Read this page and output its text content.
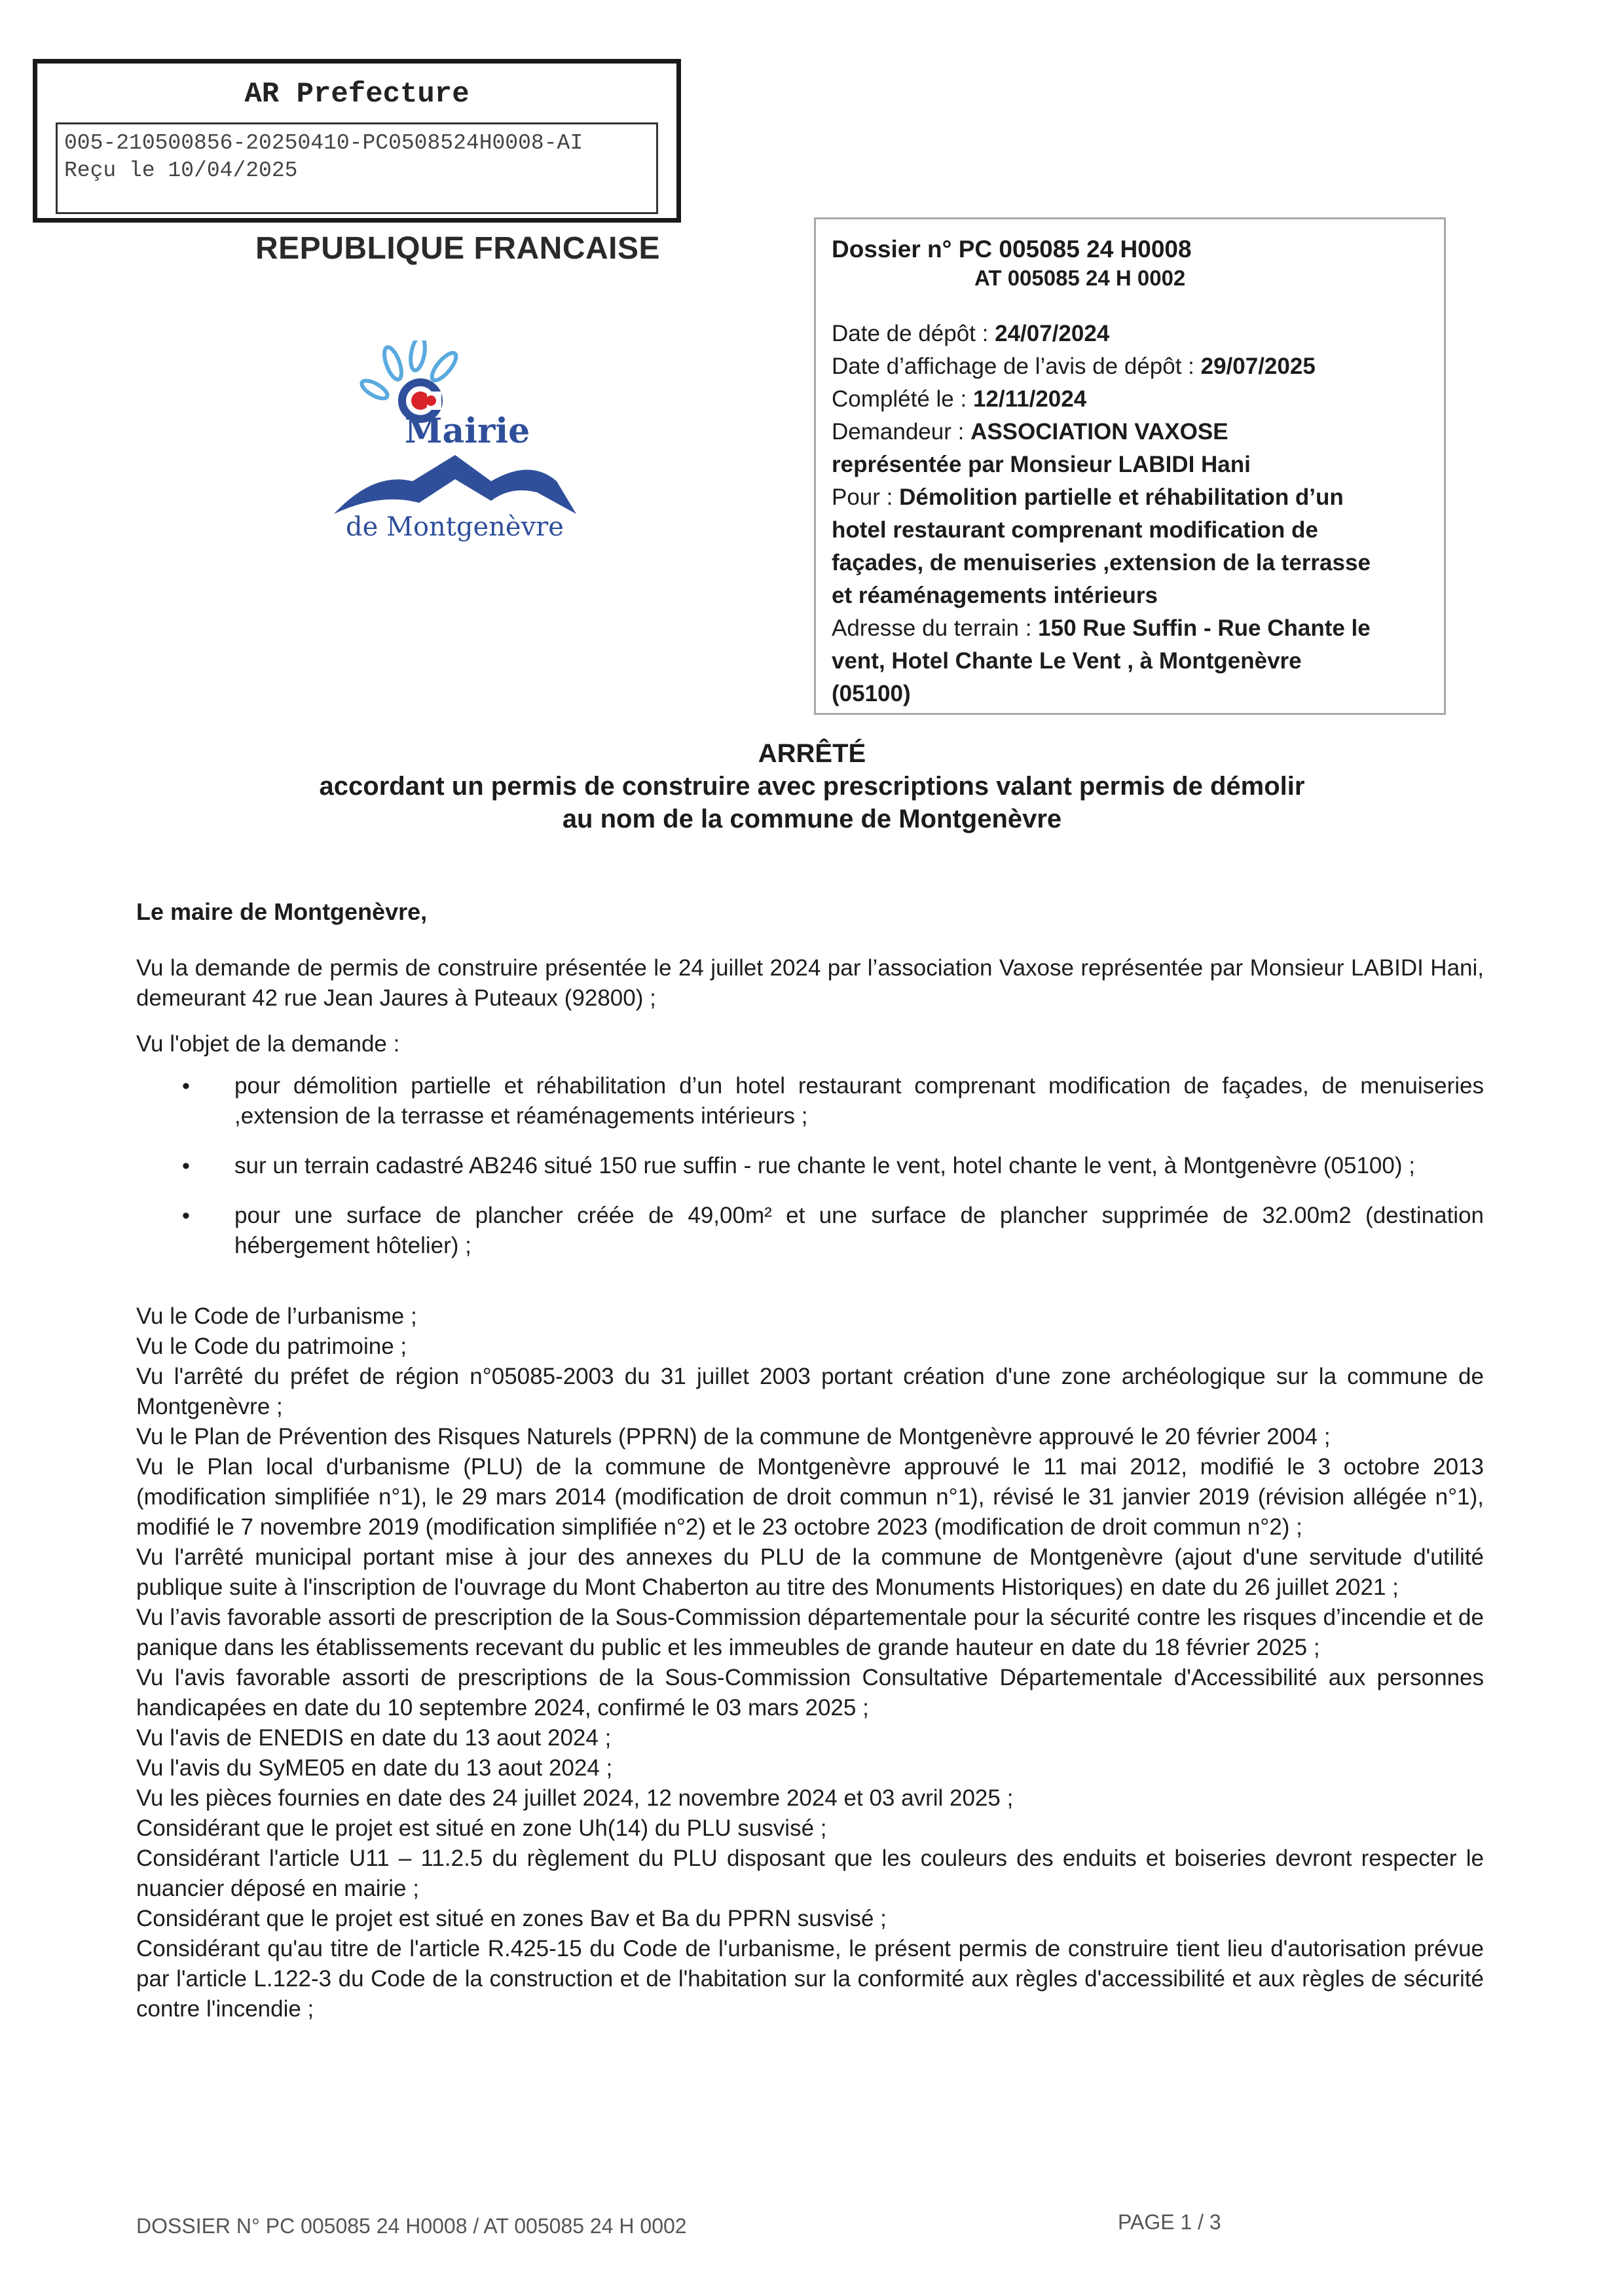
AR Prefecture
005-210500856-20250410-PC0508524H0008-AI
Reçu le 10/04/2025
REPUBLIQUE FRANCAISE
Mairie
de Montgenèvre
Dossier n° PC 005085 24 H0008
AT 005085 24 H 0002
Date de dépôt : 24/07/2024
Date d’affichage de l’avis de dépôt : 29/07/2025
Complété le : 12/11/2024
Demandeur : ASSOCIATION VAXOSE
représentée par Monsieur LABIDI Hani
Pour : Démolition partielle et réhabilitation d’un
hotel restaurant comprenant modification de
façades, de menuiseries ,extension de la terrasse
et réaménagements intérieurs
Adresse du terrain : 150 Rue Suffin - Rue Chante le
vent, Hotel Chante Le Vent , à Montgenèvre
(05100)
ARRÊTÉ
accordant un permis de construire avec prescriptions valant permis de démolir
au nom de la commune de Montgenèvre
Le maire de Montgenèvre,
Vu la demande de permis de construire présentée le 24 juillet 2024 par l’association Vaxose représentée par Monsieur LABIDI Hani, demeurant 42 rue Jean Jaures à Puteaux (92800) ;
Vu l'objet de la demande :
• pour démolition partielle et réhabilitation d’un hotel restaurant comprenant modification de façades, de menuiseries ,extension de la terrasse et réaménagements intérieurs ;
• sur un terrain cadastré AB246 situé 150 rue suffin - rue chante le vent, hotel chante le vent, à Montgenèvre (05100) ;
• pour une surface de plancher créée de 49,00m² et une surface de plancher supprimée de 32.00m2 (destination hébergement hôtelier) ;
Vu le Code de l’urbanisme ;
Vu le Code du patrimoine ;
Vu l'arrêté du préfet de région n°05085-2003 du 31 juillet 2003 portant création d'une zone archéologique sur la commune de Montgenèvre ;
Vu le Plan de Prévention des Risques Naturels (PPRN) de la commune de Montgenèvre approuvé le 20 février 2004 ;
Vu le Plan local d'urbanisme (PLU) de la commune de Montgenèvre approuvé le 11 mai 2012, modifié le 3 octobre 2013 (modification simplifiée n°1), le 29 mars 2014 (modification de droit commun n°1), révisé le 31 janvier 2019 (révision allégée n°1), modifié le 7 novembre 2019 (modification simplifiée n°2) et le 23 octobre 2023 (modification de droit commun n°2) ;
Vu l'arrêté municipal portant mise à jour des annexes du PLU de la commune de Montgenèvre (ajout d'une servitude d'utilité publique suite à l'inscription de l'ouvrage du Mont Chaberton au titre des Monuments Historiques) en date du 26 juillet 2021 ;
Vu l’avis favorable assorti de prescription de la Sous-Commission départementale pour la sécurité contre les risques d’incendie et de panique dans les établissements recevant du public et les immeubles de grande hauteur en date du 18 février 2025 ;
Vu l'avis favorable assorti de prescriptions de la Sous-Commission Consultative Départementale d'Accessibilité aux personnes handicapées en date du 10 septembre 2024, confirmé le 03 mars 2025 ;
Vu l'avis de ENEDIS en date du 13 aout 2024 ;
Vu l'avis du SyME05 en date du 13 aout 2024 ;
Vu les pièces fournies en date des 24 juillet 2024, 12 novembre 2024 et 03 avril 2025 ;
Considérant que le projet est situé en zone Uh(14) du PLU susvisé ;
Considérant l'article U11 – 11.2.5 du règlement du PLU disposant que les couleurs des enduits et boiseries devront respecter le nuancier déposé en mairie ;
Considérant que le projet est situé en zones Bav et Ba du PPRN susvisé ;
Considérant qu'au titre de l'article R.425-15 du Code de l'urbanisme, le présent permis de construire tient lieu d'autorisation prévue par l'article L.122-3 du Code de la construction et de l'habitation sur la conformité aux règles d'accessibilité et aux règles de sécurité contre l'incendie ;
DOSSIER N° PC 005085 24 H0008 / AT 005085 24 H 0002	PAGE 1 / 3
